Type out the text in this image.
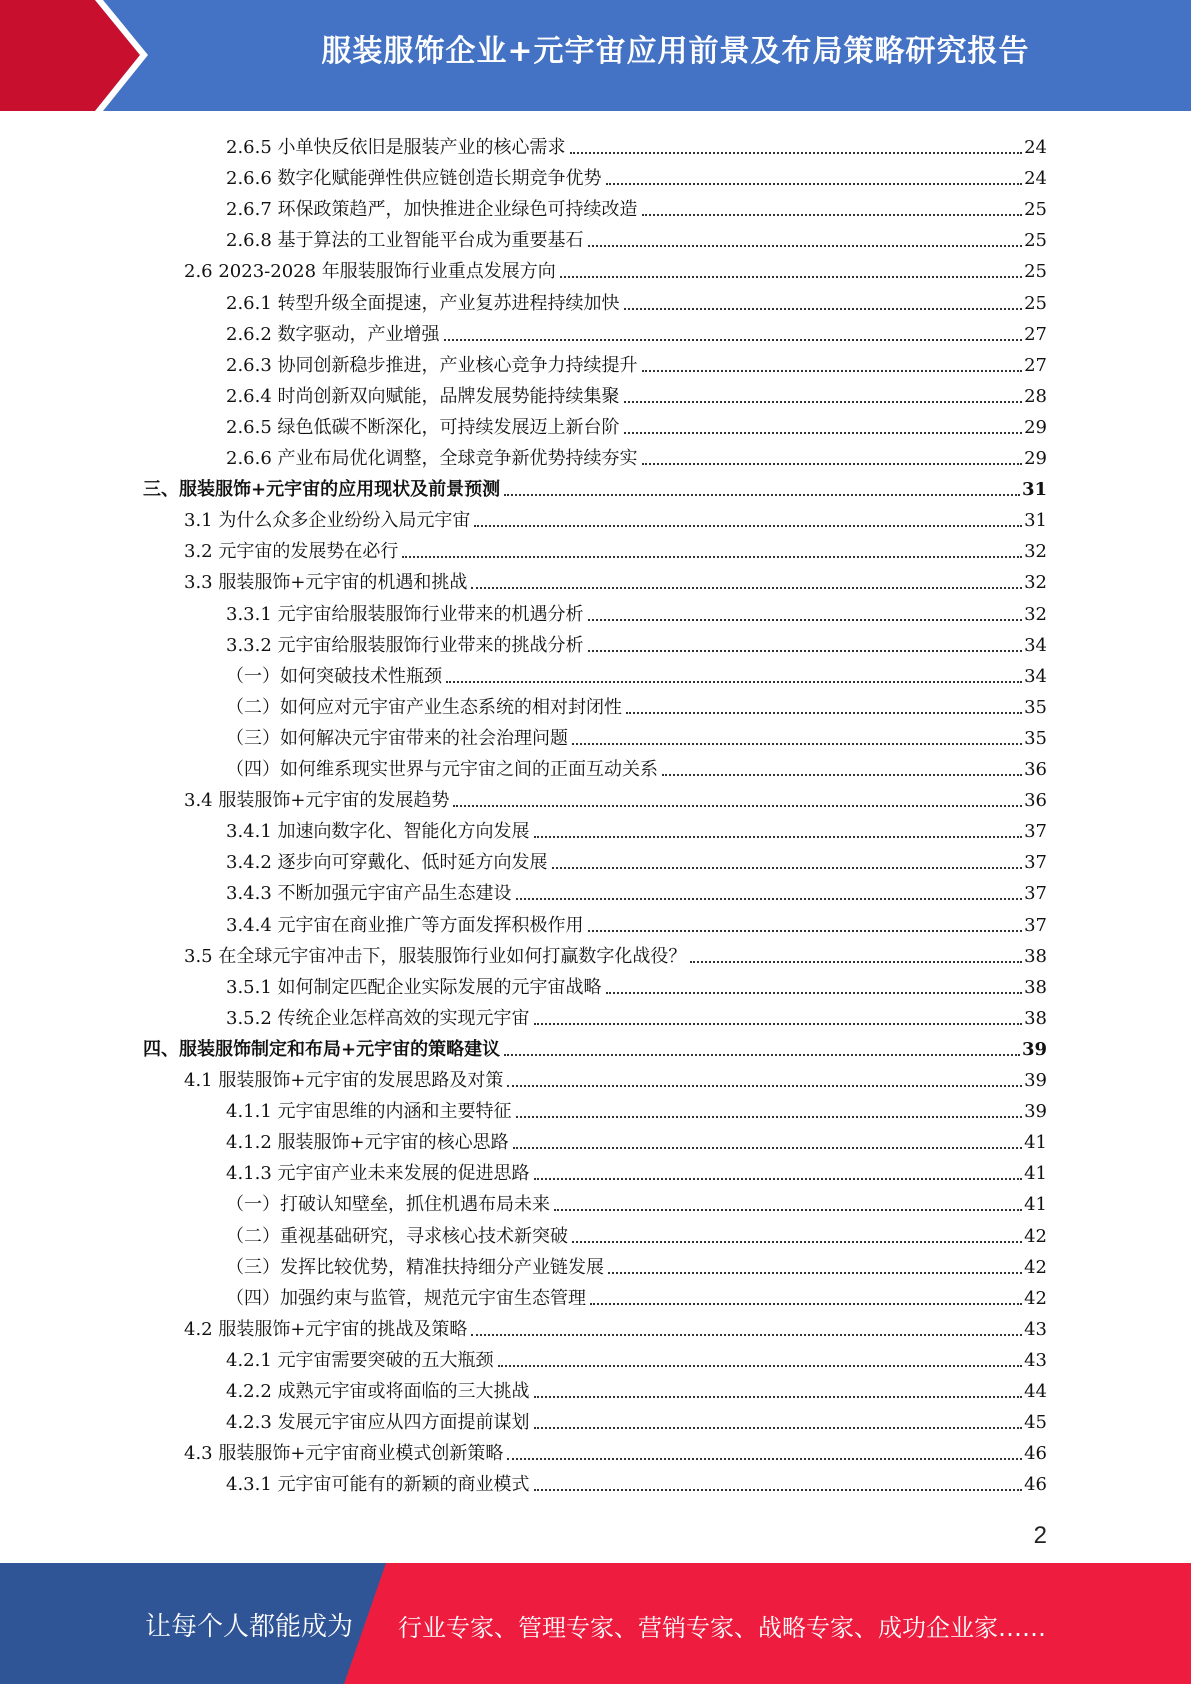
服装服饰企业+元宇宙应用前景及布局策略研究报告
2.6.5 小单快反依旧是服装产业的核心需求	24
2.6.6 数字化赋能弹性供应链创造长期竞争优势	24
2.6.7 环保政策趋严，加快推进企业绿色可持续改造	25
2.6.8 基于算法的工业智能平台成为重要基石	25
2.6 2023-2028 年服装服饰行业重点发展方向	25
2.6.1 转型升级全面提速，产业复苏进程持续加快	25
2.6.2 数字驱动，产业增强	27
2.6.3 协同创新稳步推进，产业核心竞争力持续提升	27
2.6.4 时尚创新双向赋能，品牌发展势能持续集聚	28
2.6.5 绿色低碳不断深化，可持续发展迈上新台阶	29
2.6.6 产业布局优化调整，全球竞争新优势持续夯实	29
三、服装服饰+元宇宙的应用现状及前景预测	31
3.1 为什么众多企业纷纷入局元宇宙	31
3.2 元宇宙的发展势在必行	32
3.3 服装服饰+元宇宙的机遇和挑战	32
3.3.1 元宇宙给服装服饰行业带来的机遇分析	32
3.3.2 元宇宙给服装服饰行业带来的挑战分析	34
（一）如何突破技术性瓶颈	34
（二）如何应对元宇宙产业生态系统的相对封闭性	35
（三）如何解决元宇宙带来的社会治理问题	35
（四）如何维系现实世界与元宇宙之间的正面互动关系	36
3.4 服装服饰+元宇宙的发展趋势	36
3.4.1 加速向数字化、智能化方向发展	37
3.4.2 逐步向可穿戴化、低时延方向发展	37
3.4.3 不断加强元宇宙产品生态建设	37
3.4.4 元宇宙在商业推广等方面发挥积极作用	37
3.5 在全球元宇宙冲击下，服装服饰行业如何打赢数字化战役？	38
3.5.1 如何制定匹配企业实际发展的元宇宙战略	38
3.5.2 传统企业怎样高效的实现元宇宙	38
四、服装服饰制定和布局+元宇宙的策略建议	39
4.1 服装服饰+元宇宙的发展思路及对策	39
4.1.1 元宇宙思维的内涵和主要特征	39
4.1.2 服装服饰+元宇宙的核心思路	41
4.1.3 元宇宙产业未来发展的促进思路	41
（一）打破认知壁垒，抓住机遇布局未来	41
（二）重视基础研究，寻求核心技术新突破	42
（三）发挥比较优势，精准扶持细分产业链发展	42
（四）加强约束与监管，规范元宇宙生态管理	42
4.2 服装服饰+元宇宙的挑战及策略	43
4.2.1 元宇宙需要突破的五大瓶颈	43
4.2.2 成熟元宇宙或将面临的三大挑战	44
4.2.3 发展元宇宙应从四方面提前谋划	45
4.3 服装服饰+元宇宙商业模式创新策略	46
4.3.1 元宇宙可能有的新颖的商业模式	46
2
让每个人都能成为 行业专家、管理专家、营销专家、战略专家、成功企业家……
